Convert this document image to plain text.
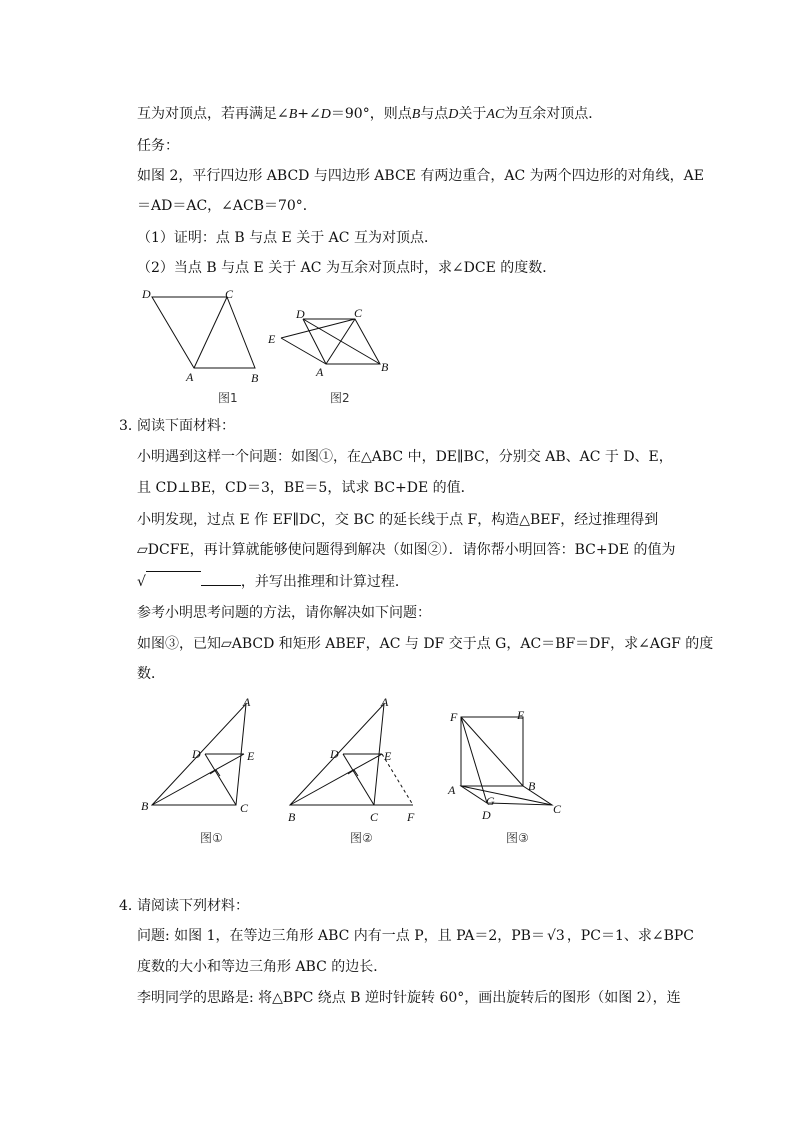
互为对顶点，若再满足∠B+∠D＝90°，则点B与点D关于AC为互余对顶点．
任务：
如图 2，平行四边形 ABCD 与四边形 ABCE 有两边重合，AC 为两个四边形的对角线，AE
＝AD＝AC，∠ACB＝70°．
（1）证明：点 B 与点 E 关于 AC 互为对顶点．
（2）当点 B 与点 E 关于 AC 为互余对顶点时，求∠DCE 的度数．
D	C
A	B
图1
D	C
E
A	B
图2
3．
阅读下面材料：
小明遇到这样一个问题：如图①，在△ABC 中，DE∥BC，分别交 AB、AC 于 D、E，
且 CD⊥BE，CD＝3，BE＝5，试求 BC+DE 的值．
小明发现，过点 E 作 EF∥DC，交 BC 的延长线于点 F，构造△BEF，经过推理得到
▱DCFE，再计算就能够使问题得到解决（如图②）．请你帮小明回答：BC+DE 的值为
√	，并写出推理和计算过程．
参考小明思考问题的方法，请你解决如下问题：
如图③，已知▱ABCD 和矩形 ABEF，AC 与 DF 交于点 G，AC＝BF＝DF，求∠AGF 的度
数．
A
D	E
B	C
图①
A
D	E
B	C F
图②
F	E
A
G
B
D	C
图③
4．
请阅读下列材料：
问题: 如图 1，在等边三角形 ABC 内有一点 P，且 PA＝2，PB＝ √3 ，PC＝1、求∠BPC
度数的大小和等边三角形 ABC 的边长．
李明同学的思路是: 将△BPC 绕点 B 逆时针旋转 60°，画出旋转后的图形（如图 2），连
